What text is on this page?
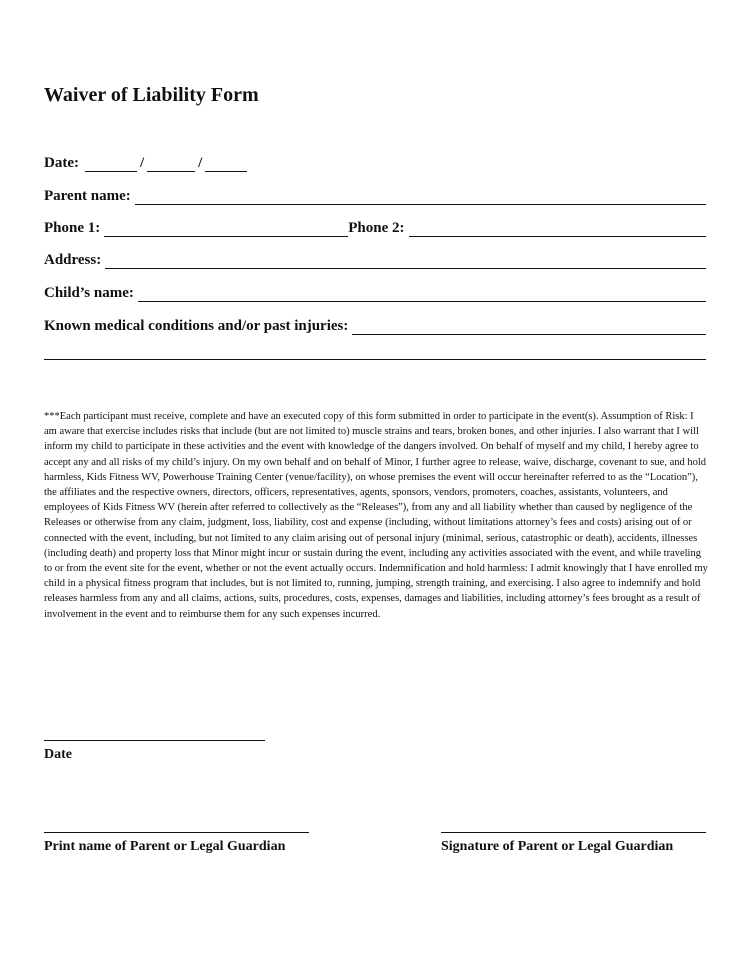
Waiver of Liability Form
Date:	/	/
Parent name:
Phone 1:	Phone 2:
Address:
Child’s name:
Known medical conditions and/or past injuries:

***Each participant must receive, complete and have an executed copy of this form submitted in order to participate in the event(s). Assumption of Risk: I am aware that exercise includes risks that include (but are not limited to) muscle strains and tears, broken bones, and other injuries. I also warrant that I will inform my child to participate in these activities and the event with knowledge of the dangers involved. On behalf of myself and my child, I hereby agree to accept any and all risks of my child’s injury. On my own behalf and on behalf of Minor, I further agree to release, waive, discharge, covenant to sue, and hold harmless, Kids Fitness WV, Powerhouse Training Center (venue/facility), on whose premises the event will occur hereinafter referred to as the “Location”), the affiliates and the respective owners, directors, officers, representatives, agents, sponsors, vendors, promoters, coaches, assistants, volunteers, and employees of Kids Fitness WV (herein after referred to collectively as the “Releases”), from any and all liability whether than caused by negligence of the Releases or otherwise from any claim, judgment, loss, liability, cost and expense (including, without limitations attorney’s fees and costs) arising out of or connected with the event, including, but not limited to any claim arising out of personal injury (minimal, serious, catastrophic or death), accidents, illnesses (including death) and property loss that Minor might incur or sustain during the event, including any activities associated with the event, and while traveling to or from the event site for the event, whether or not the event actually occurs. Indemnification and hold harmless: I admit knowingly that I have enrolled my child in a physical fitness program that includes, but is not limited to, running, jumping, strength training, and exercising. I also agree to indemnify and hold releases harmless from any and all claims, actions, suits, procedures, costs, expenses, damages and liabilities, including attorney’s fees brought as a result of involvement in the event and to reimburse them for any such expenses incurred.

Date
Print name of Parent or Legal Guardian	Signature of Parent or Legal Guardian
